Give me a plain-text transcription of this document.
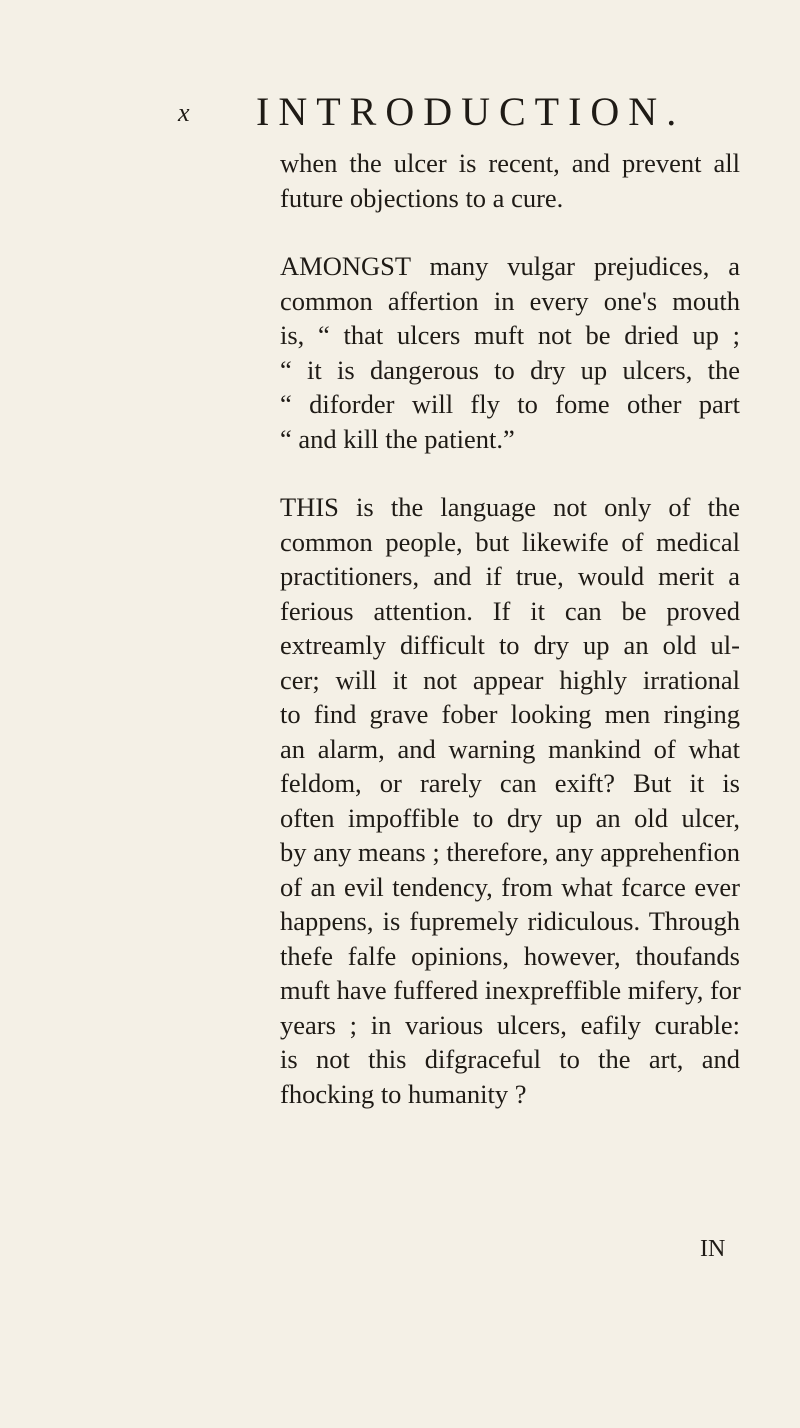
x INTRODUCTION.
when the ulcer is recent, and prevent all
future objections to a cure.
AMONGST many vulgar prejudices, a
common affertion in every one's mouth
is, “ that ulcers muft not be dried up ;
“ it is dangerous to dry up ulcers, the
“ diforder will fly to fome other part
“ and kill the patient.”
THIS is the language not only of the
common people, but likewife of medical
practitioners, and if true, would merit a
ferious attention. If it can be proved
extreamly difficult to dry up an old ul-
cer; will it not appear highly irrational
to find grave fober looking men ringing
an alarm, and warning mankind of what
feldom, or rarely can exift? But it is
often impoffible to dry up an old ulcer,
by any means ; therefore, any apprehenfion
of an evil tendency, from what fcarce ever
happens, is fupremely ridiculous. Through
thefe falfe opinions, however, thoufands
muft have fuffered inexpreffible mifery, for
years ; in various ulcers, eafily curable:
is not this difgraceful to the art, and
fhocking to humanity ?
IN
